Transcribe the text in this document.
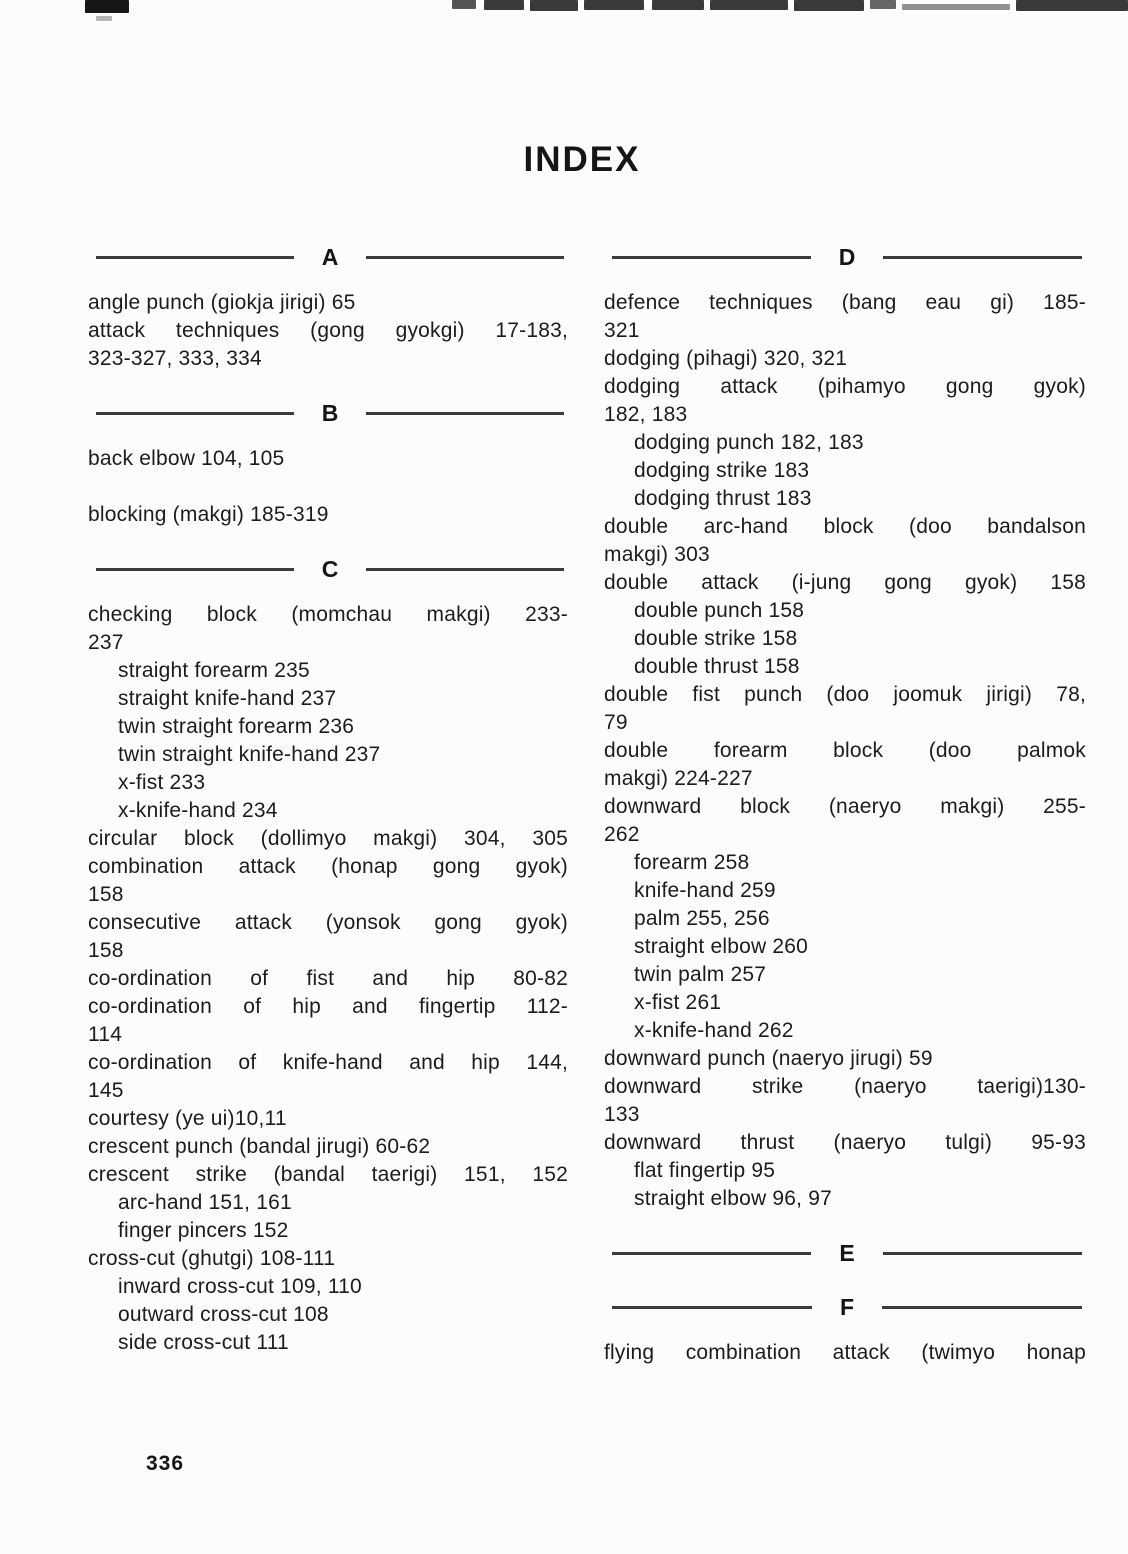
INDEX
A
angle punch (giokja jirigi) 65
attack techniques (gong gyokgi) 17-183,
323-327, 333, 334
B
back elbow 104, 105
blocking (makgi) 185-319
C
checking block (momchau makgi) 233-
237
straight forearm 235
straight knife-hand 237
twin straight forearm 236
twin straight knife-hand 237
x-fist 233
x-knife-hand 234
circular block (dollimyo makgi) 304, 305
combination attack (honap gong gyok)
158
consecutive attack (yonsok gong gyok)
158
co-ordination of fist and hip 80-82
co-ordination of hip and fingertip 112-
114
co-ordination of knife-hand and hip 144,
145
courtesy (ye ui)10,11
crescent punch (bandal jirugi) 60-62
crescent strike (bandal taerigi) 151, 152
arc-hand 151, 161
finger pincers 152
cross-cut (ghutgi) 108-111
inward cross-cut 109, 110
outward cross-cut 108
side cross-cut 111
D
defence techniques (bang eau gi) 185-
321
dodging (pihagi) 320, 321
dodging attack (pihamyo gong gyok)
182, 183
dodging punch 182, 183
dodging strike 183
dodging thrust 183
double arc-hand block (doo bandalson
makgi) 303
double attack (i-jung gong gyok) 158
double punch 158
double strike 158
double thrust 158
double fist punch (doo joomuk jirigi) 78,
79
double forearm block (doo palmok
makgi) 224-227
downward block (naeryo makgi) 255-
262
forearm 258
knife-hand 259
palm 255, 256
straight elbow 260
twin palm 257
x-fist 261
x-knife-hand 262
downward punch (naeryo jirugi) 59
downward strike (naeryo taerigi)130-
133
downward thrust (naeryo tulgi) 95-93
flat fingertip 95
straight elbow 96, 97
E
F
flying combination attack (twimyo honap
336
